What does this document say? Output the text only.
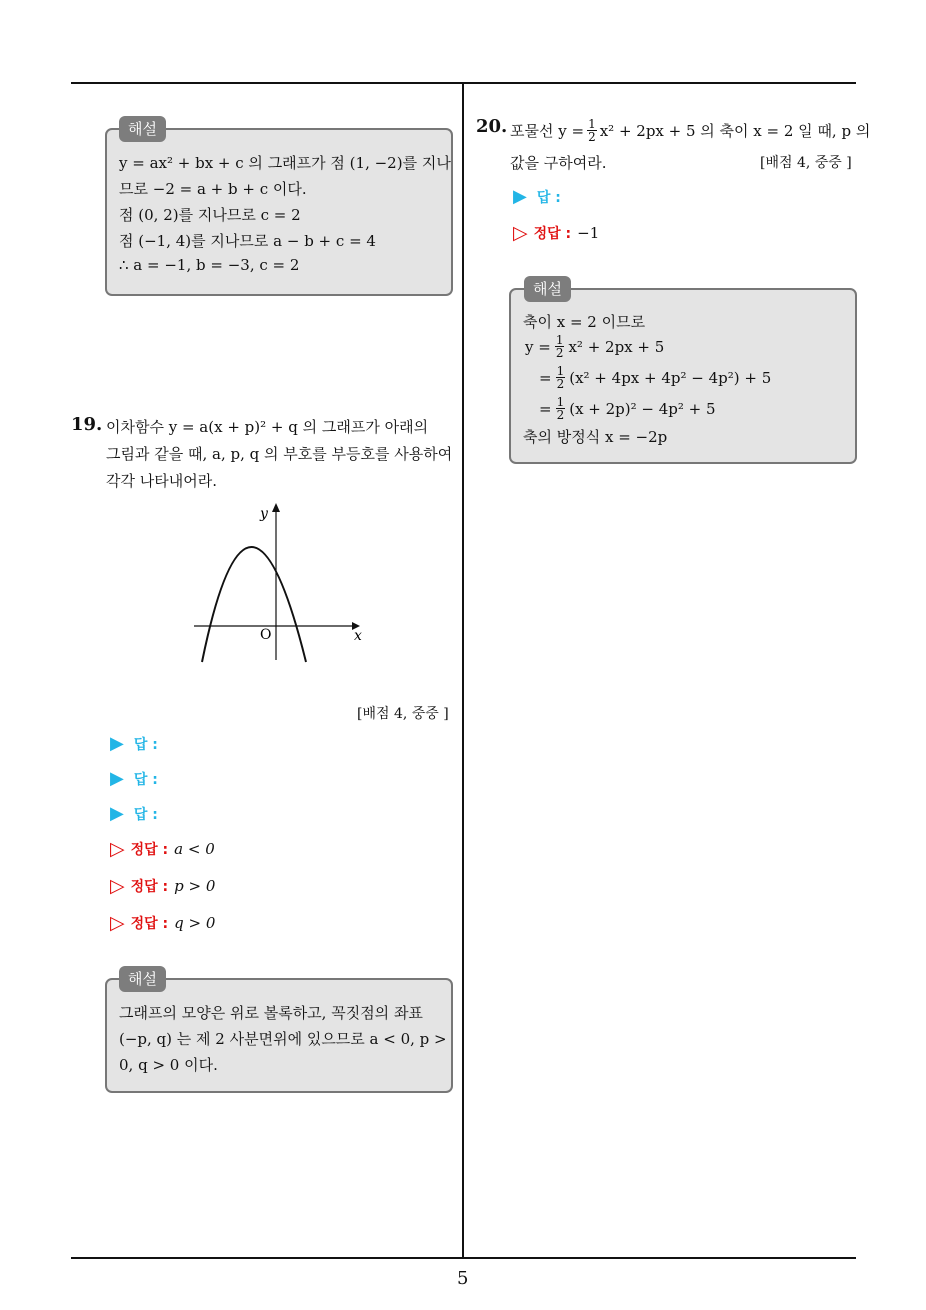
y = ax² + bx + c 의 그래프가 점 (1, −2)를 지나
므로 −2 = a + b + c 이다.
점 (0, 2)를 지나므로 c = 2
점 (−1, 4)를 지나므로 a − b + c = 4
∴ a = −1, b = −3, c = 2
해설
19. 이차함수 y = a(x + p)² + q 의 그래프가 아래의
그림과 같을 때, a, p, q 의 부호를 부등호를 사용하여
각각 나타내어라.
y
x
O
[배점 4, 중중 ]
▶ 답 :
▶ 답 :
▶ 답 :
▷ 정답 : a < 0
▷ 정답 : p > 0
▷ 정답 : q > 0
그래프의 모양은 위로 볼록하고, 꼭짓점의 좌표
(−p, q) 는 제 2 사분면위에 있으므로 a < 0, p >
0, q > 0 이다.
해설
20. 포물선 $y = \frac{1}{2} x^2 + 2px + 5$ 의 축이 x = 2 일 때, p 의
값을 구하여라.	[배점 4, 중중 ]
▶ 답 :
▷ 정답 : −1
축이 x = 2 이므로
$y = \frac{1}{2} x^2 + 2px + 5$
= $\frac{1}{2} (x^2 + 4px + 4p^2 - 4p^2) + 5$
= $\frac{1}{2} (x + 2p)^2 - 4p^2 + 5$
축의 방정식 x = −2p
해설
5
